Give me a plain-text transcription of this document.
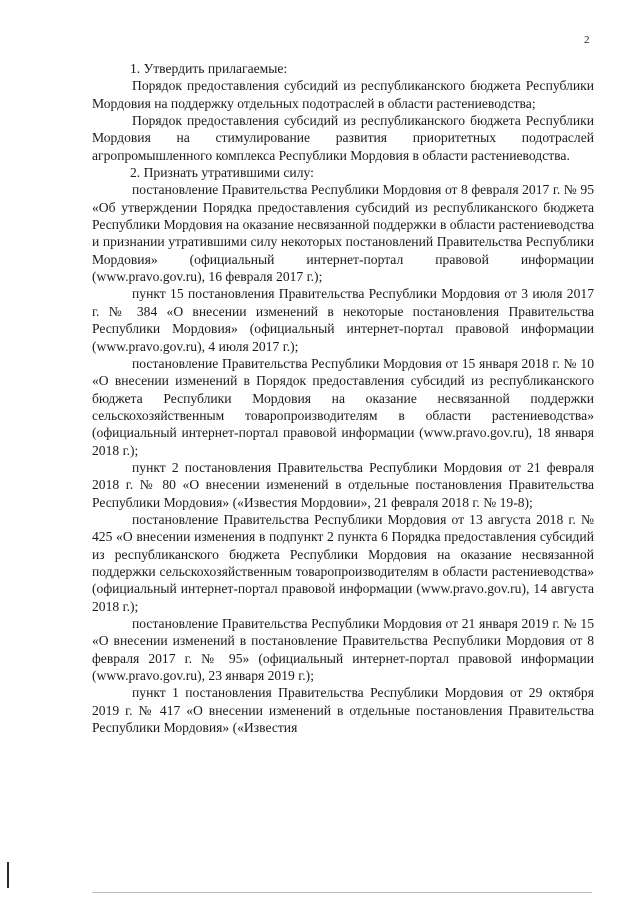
2

1. Утвердить прилагаемые:

Порядок предоставления субсидий из республиканского бюджета Республики Мордовия на поддержку отдельных подотраслей в области растениеводства;

Порядок предоставления субсидий из республиканского бюджета Республики Мордовия на стимулирование развития приоритетных подотраслей агропромышленного комплекса Республики Мордовия в области растениеводства.

2. Признать утратившими силу:

постановление Правительства Республики Мордовия от 8 февраля 2017 г. № 95 «Об утверждении Порядка предоставления субсидий из республиканского бюджета Республики Мордовия на оказание несвязанной поддержки в области растениеводства и признании утратившими силу некоторых постановлений Правительства Республики Мордовия» (официальный интернет-портал правовой информации (www.pravo.gov.ru), 16 февраля 2017 г.);

пункт 15 постановления Правительства Республики Мордовия от 3 июля 2017 г. № 384 «О внесении изменений в некоторые постановления Правительства Республики Мордовия» (официальный интернет-портал правовой информации (www.pravo.gov.ru), 4 июля 2017 г.);

постановление Правительства Республики Мордовия от 15 января 2018 г. № 10 «О внесении изменений в Порядок предоставления субсидий из республиканского бюджета Республики Мордовия на оказание несвязанной поддержки сельскохозяйственным товаропроизводителям в области растениеводства» (официальный интернет-портал правовой информации (www.pravo.gov.ru), 18 января 2018 г.);

пункт 2 постановления Правительства Республики Мордовия от 21 февраля 2018 г. № 80 «О внесении изменений в отдельные постановления Правительства Республики Мордовия» («Известия Мордовии», 21 февраля 2018 г. № 19-8);

постановление Правительства Республики Мордовия от 13 августа 2018 г. № 425 «О внесении изменения в подпункт 2 пункта 6 Порядка предоставления субсидий из республиканского бюджета Республики Мордовия на оказание несвязанной поддержки сельскохозяйственным товаропроизводителям в области растениеводства» (официальный интернет-портал правовой информации (www.pravo.gov.ru), 14 августа 2018 г.);

постановление Правительства Республики Мордовия от 21 января 2019 г. № 15 «О внесении изменений в постановление Правительства Республики Мордовия от 8 февраля 2017 г. № 95» (официальный интернет-портал правовой информации (www.pravo.gov.ru), 23 января 2019 г.);

пункт 1 постановления Правительства Республики Мордовия от 29 октября 2019 г. № 417 «О внесении изменений в отдельные постановления Правительства Республики Мордовия» («Известия
